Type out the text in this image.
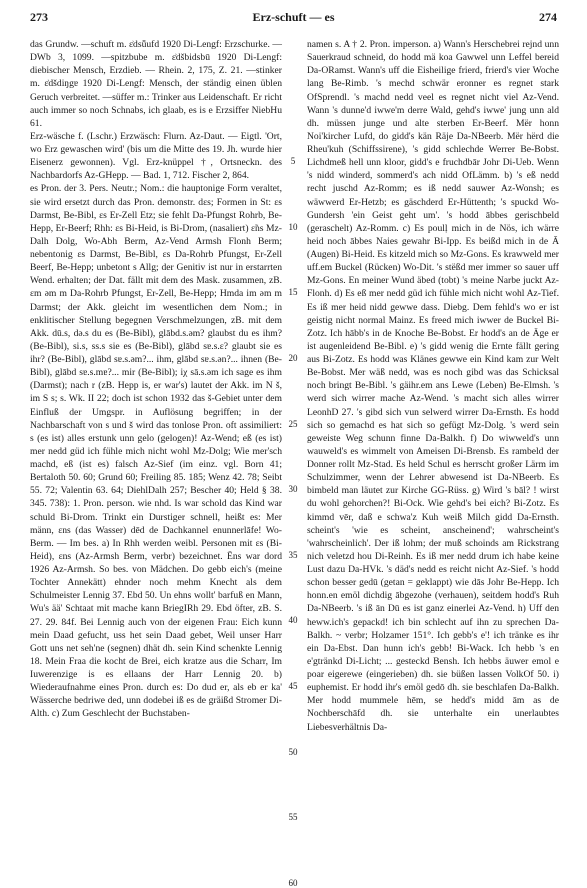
273	Erz-schuft — es	274

das Grundw. —schuft m. ɛ͗dsǖufd 1920 Di-Lengf: Erzschurke. — DWb 3, 1099. —spitzbube m. ɛ͗dšbidsbū 1920 Di-Lengf: diebischer Mensch, Erzdieb. — Rhein. 2, 175, Z. 21. —stinker m. ɛ͗dšdiŋgɐ 1920 Di-Lengf: Mensch, der ständig einen üblen Geruch verbreitet. —süffer m.: Trinker aus Leidenschaft. Er richt auch immer so noch Schnabs, ich glaab, es is e Erzsiffer NiebHu 61.

Erz-wäsche f. (Lschr.) Erzwäsch: Flurn. Az-Daut. — Eigtl. 'Ort, wo Erz gewaschen wird' (bis um die Mitte des 19. Jh. wurde hier Eisenerz gewonnen). Vgl. Erz-knüppel †, Ortsneckn. des Nachbardorfs Az-GHepp. — Bad. 1, 712. Fischer 2, 864.

es Pron. der 3. Pers. Neutr.; Nom.: die hauptonige Form veraltet, sie wird ersetzt durch das Pron. demonstr. dɛs; Formen in St: ɛs Darmst, Be-Bibl, ɛs Er-Zell Etz; sie fehlt Da-Pfungst Rohrb, Be-Hepp, Er-Beerf; Rhh: ɛs Bi-Heid, is Bi-Drom, (nasaliert) ɛ̃ns Mz-Dalh Dolg, Wo-Abh Berm, Az-Vend Armsh Flonh Berm; nebentonig ɛs Darmst, Be-Bibl, ɛs Da-Rohrb Pfungst, Er-Zell Beerf, Be-Hepp; unbetont s Allg; der Genitiv ist nur in erstarrten Wend. erhalten; der Dat. fällt mit dem des Mask. zusammen, zB. ɛm əm m Da-Rohrb Pfungst, Er-Zell, Be-Hepp; Hmda im əm m Darmst; der Akk. gleicht im wesentlichen dem Nom.; in enklitischer Stellung begegnen Verschmelzungen, zB. mit dem Akk. dū.s, də.s du es (Be-Bibl), glābd.s.əm? glaubst du es ihm? (Be-Bibl), si.s, ss.s sie es (Be-Bibl), glābd sɐ.s.ɛ? glaubt sie es ihr? (Be-Bibl), glābd sɐ.s.əm?... ihm, glābd sɐ.s.ən?... ihnen (Be-Bibl), glābd sɐ.s.mɐ?... mir (Be-Bibl); iχ sā.s.əm ich sage es ihm (Darmst); nach r (zB. Hepp is, er war's) lautet der Akk. im N š, im S s; s. Wk. II 22; doch ist schon 1932 das š-Gebiet unter dem Einfluß der Umgspr. in Auflösung begriffen; in der Nachbarschaft von s und š wird das tonlose Pron. oft assimiliert: s (es ist) alles erstunk unn gelo (gelogen)! Az-Wend; eß (es ist) mer nedd güd ich fühle mich nicht wohl Mz-Dolg; Wie mer'sch machd, eß (ist es) falsch Az-Sief (im einz. vgl. Born 41; Bertaloth 50. 60; Grund 60; Freiling 85. 185; Wenz 42. 78; Seibt 55. 72; Valentin 63. 64; DiehlDalh 257; Bescher 40; Held § 38. 345. 738): 1. Pron. person. wie nhd. Is war schold das Kind war schuld Bi-Drom. Trinkt ein Durstiger schnell, heißt es: Mer männ, ɛns (das Wasser) dēd de Dachkannel enunnerlāfe! Wo-Berm. — Im bes. a) In Rhh werden weibl. Personen mit ɛs (Bi-Heid), ɛns (Az-Armsh Berm, verbr) bezeichnet. Ëns war dord 1926 Az-Armsh. So bes. von Mädchen. Do gebb eich's (meine Tochter Annekätt) ehnder noch mehm Knecht als dem Schulmeister Lennig 37. Ebd 50. Un ehns wollt' barfuß en Mann, Wu's ää' Schtaat mit mache kann BriegIRh 29. Ebd öfter, zB. S. 27. 29. 84f. Bei Lennig auch von der eigenen Frau: Eich kunn mein Daad gefucht, uss het sein Daad gebet, Weil unser Harr Gott uns net seh'ne (segnen) dhät dh. sein Kind schenkte Lennig 18. Mein Fraa die kocht de Brei, eich kratze aus die Scharr, Im Iuwerenzige is es ellaans der Harr Lennig 20. b) Wiederaufnahme eines Pron. durch es: Do dud er, als eb er ka' Wässerche bedriwe ded, unn dodebei iß es de gräißd Stromer Di-Alth. c) Zum Geschlecht der Buchstaben-

5
10
15
20
25
30
35
40
45
50
55
60

namen s. A † 2. Pron. imperson. a) Wann's Herschebrei rejnd unn Sauerkraud schneid, do hodd mä koa Gawwel unn Leffel bereid Da-ORamst. Wann's uff die Eisheilige frierd, frierd's vier Woche lang Be-Rimb. 's mechd schwär eronner es regnet stark OfSprendl. 's machd nedd veel es regnet nicht viel Az-Vend. Wann 's dunne'd iwwe'm derre Wald, gehd's iwwe' jung unn ald dh. müssen junge und alte sterben Er-Beerf. Mër honn Noi'kircher Lufd, do gidd's kän Räje Da-NBeerb. Mër hërd die Rheu'kuh (Schiffssirene), 's gidd schlechde Werrer Be-Bobst. Lichdmeß hell unn kloor, gidd's e fruchdbār Johr Di-Ueb. Wenn 's nidd winderd, sommerd's ach nidd OfLämm. b) 's eß nedd recht juschd Az-Romm; es iß nedd sauwer Az-Wonsh; es wäwwerd Er-Hetzb; es gäschderd Er-Hüttenth; 's spuckd Wo-Gundersh 'ein Geist geht um'. 's hodd ābbes gerischbeld (geraschelt) Az-Romm. c) Es poulḷ mich in de Nös, ich wärre heid noch ābbes Naies gewahr Bi-Ipp. Es beißd mich in de Ā (Augen) Bi-Heid. Es kitzeld mich so Mz-Gons. Es krawweld mer uff.em Buckel (Rücken) Wo-Dit. 's stëßd mer immer so sauer uff Mz-Gons. En meiner Wund äbed (tobt) 's meine Narbe juckt Az-Flonh. d) Es eß mer nedd güd ich fühle mich nicht wohl Az-Tief. Es iß mer heid nidd gewwe dass. Diebg. Dem fehld's wo er ist geistig nicht normal Mainz. Es freed mich iwwer de Buckel Bi-Zotz. Ich hābb's in de Knoche Be-Bobst. Er hodd's an de Äge er ist augenleidend Be-Bibl. e) 's gidd wenig die Ernte fällt gering aus Bi-Zotz. Es hodd was Klänes gewwe ein Kind kam zur Welt Be-Bobst. Mer wäß nedd, was es noch gibd was das Schicksal noch bringt Be-Bibl. 's gäihr.em ans Lewe (Leben) Be-Elmsh. 's werd sich wirrer mache Az-Wend. 's macht sich alles wirrer LeonhD 27. 's gibd sich vun selwerd wirrer Da-Ernsth. Es hodd sich so gemachd es hat sich so gefügt Mz-Dolg. 's werd sein geweiste Weg schunn finne Da-Balkh. f) Do wiwweld's unn wauweld's es wimmelt von Ameisen Di-Brensb. Es rambeld der Donner rollt Mz-Stad. Es held Schul es herrscht großer Lärm im Schulzimmer, wenn der Lehrer abwesend ist Da-NBeerb. Es bimbeld man läutet zur Kirche GG-Rüss. g) Wird 's bāl? ! wirst du wohl gehorchen?! Bi-Ock. Wie gehd's bei eich? Bi-Zotz. Es kimmd vēr, daß e schwa'z Kuh weiß Milch gidd Da-Ernsth. scheint's 'wie es scheint, anscheinend'; wahrscheint's 'wahrscheinlich'. Der iß lohm; der muß schoinds am Rickstrang nich veletzd hou Di-Reinh. Es iß mer nedd drum ich habe keine Lust dazu Da-HVk. 's däd's nedd es reicht nicht Az-Sief. 's hodd schon besser gedū (getan = geklappt) wie dās Johr Be-Hepp. Ich honn.en emöl dichdig ābgezohe (verhauen), seitdem hodd's Ruh Da-NBeerb. 's iß ān Dū es ist ganz einerlei Az-Vend. h) Uff den heww.ich's gepackd! ich bin schlecht auf ihn zu sprechen Da-Balkh. ~ verbr; Holzamer 151°. Ich gebb's e'! ich tränke es ihr ein Da-Ebst. Dan hunn ich's gebb! Bi-Wack. Ich hebb 's en e'gtränkd Di-Licht; ... gesteckd Bensh. Ich hebbs äuwer emol e poar eigerewe (eingerieben) dh. sie büßen lassen VolkOf 50. i) euphemist. Er hodd ihr's emöl gedō dh. sie beschlafen Da-Balkh. Mer hodd mummele hēm, se hedd's midd ām as de Nochberschāfd dh. sie unterhalte ein unerlaubtes Liebesverhältnis Da-
